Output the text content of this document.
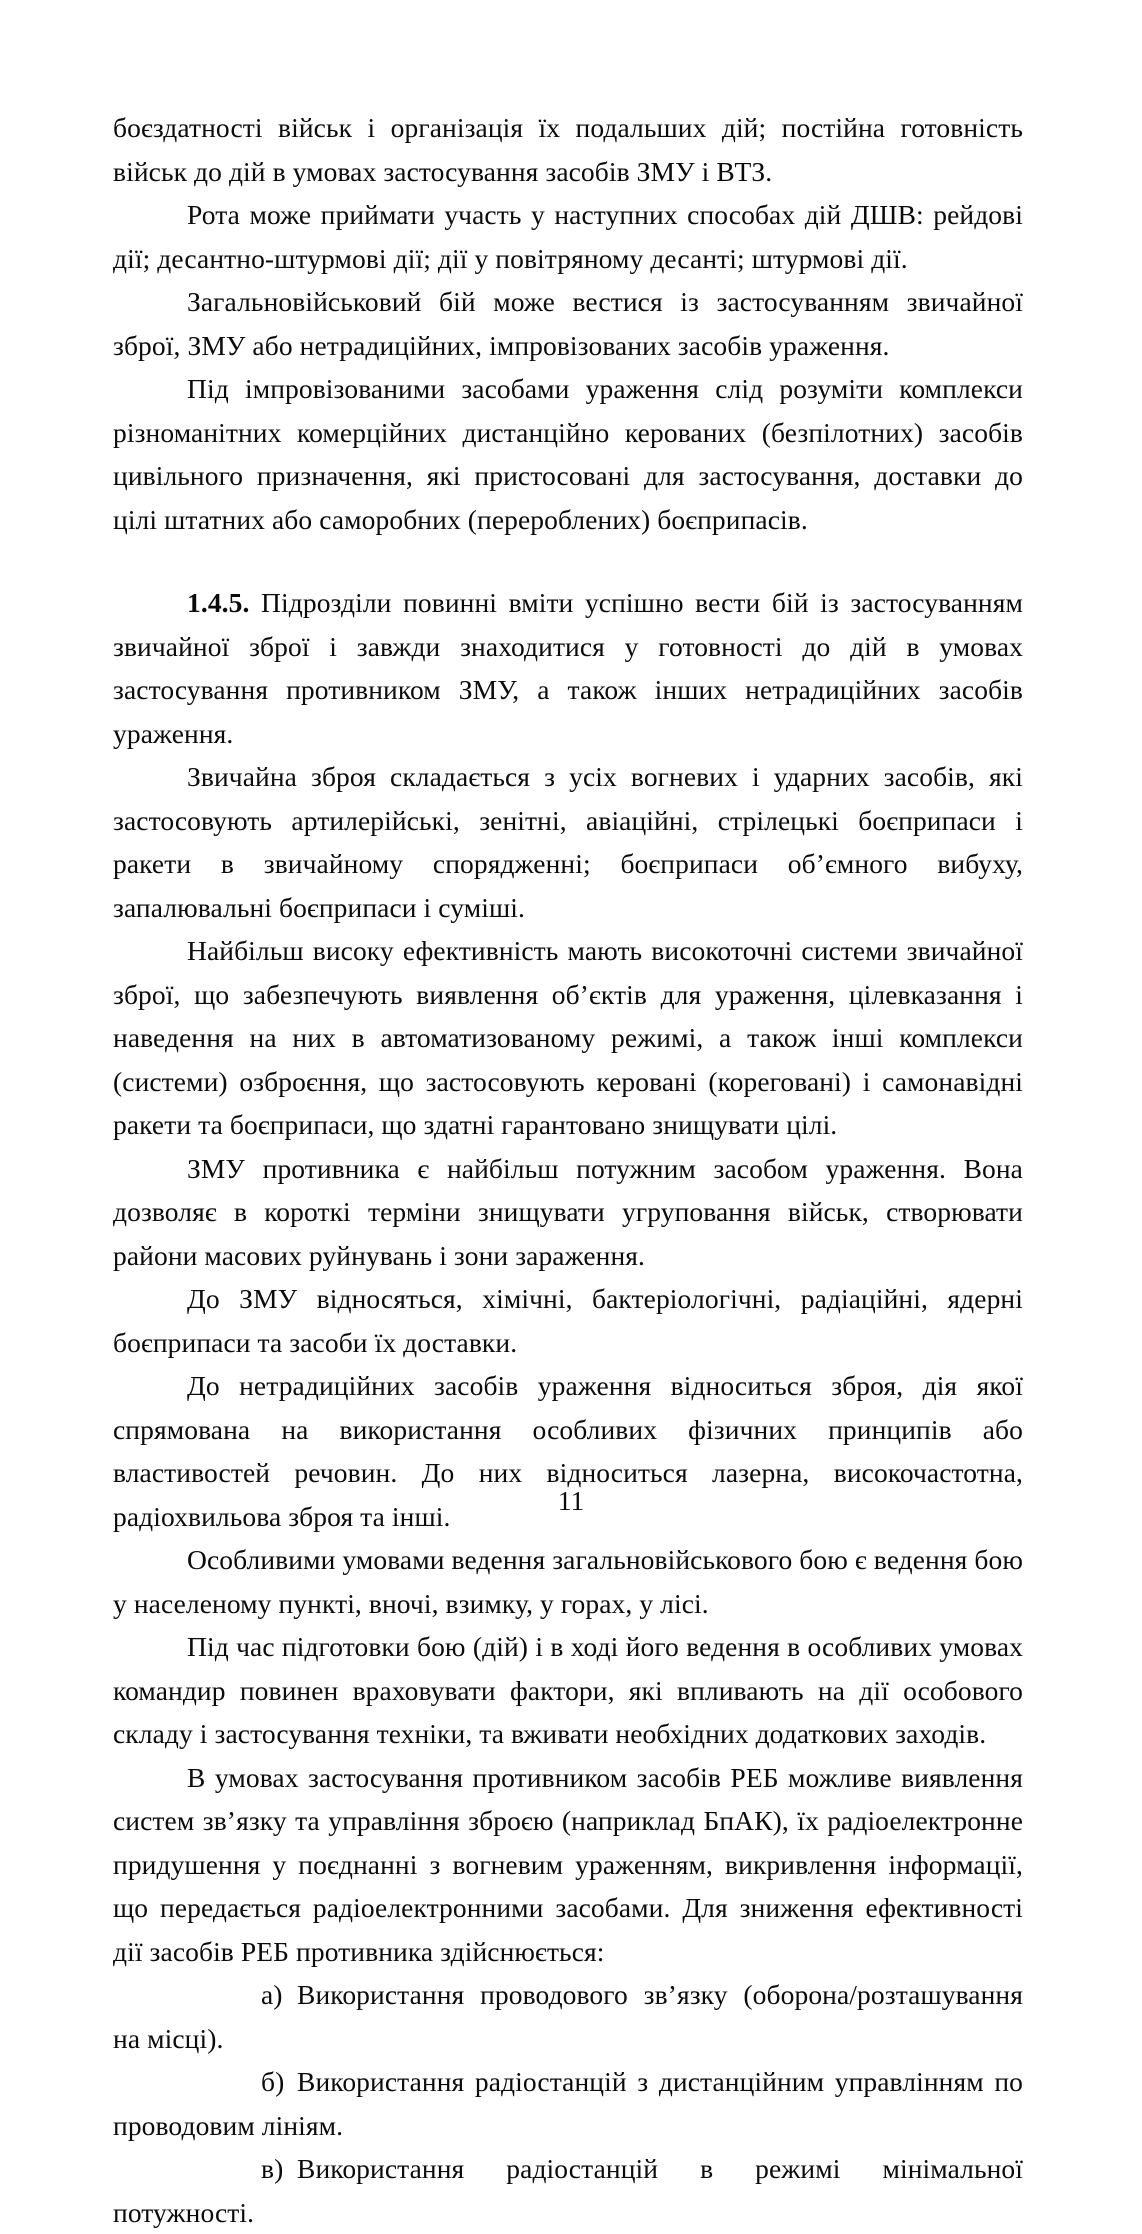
боєздатності військ і організація їх подальших дій; постійна готовність військ до дій в умовах застосування засобів ЗМУ і ВТЗ.

Рота може приймати участь у наступних способах дій ДШВ: рейдові дії; десантно-штурмові дії; дії у повітряному десанті; штурмові дії.

Загальновійськовий бій може вестися із застосуванням звичайної зброї, ЗМУ або нетрадиційних, імпровізованих засобів ураження.

Під імпровізованими засобами ураження слід розуміти комплекси різноманітних комерційних дистанційно керованих (безпілотних) засобів цивільного призначення, які пристосовані для застосування, доставки до цілі штатних або саморобних (перероблених) боєприпасів.

1.4.5. Підрозділи повинні вміти успішно вести бій із застосуванням звичайної зброї і завжди знаходитися у готовності до дій в умовах застосування противником ЗМУ, а також інших нетрадиційних засобів ураження.

Звичайна зброя складається з усіх вогневих і ударних засобів, які застосовують артилерійські, зенітні, авіаційні, стрілецькі боєприпаси і ракети в звичайному спорядженні; боєприпаси об’ємного вибуху, запалювальні боєприпаси і суміші.

Найбільш високу ефективність мають високоточні системи звичайної зброї, що забезпечують виявлення об’єктів для ураження, цілевказання і наведення на них в автоматизованому режимі, а також інші комплекси (системи) озброєння, що застосовують керовані (кореговані) і самонавідні ракети та боєприпаси, що здатні гарантовано знищувати цілі.

ЗМУ противника є найбільш потужним засобом ураження. Вона дозволяє в короткі терміни знищувати угруповання військ, створювати райони масових руйнувань і зони зараження.

До ЗМУ відносяться, хімічні, бактеріологічні, радіаційні, ядерні боєприпаси та засоби їх доставки.

До нетрадиційних засобів ураження відноситься зброя, дія якої спрямована на використання особливих фізичних принципів або властивостей речовин. До них відноситься лазерна, високочастотна, радіохвильова зброя та інші.

Особливими умовами ведення загальновійськового бою є ведення бою у населеному пункті, вночі, взимку, у горах, у лісі.

Під час підготовки бою (дій) і в ході його ведення в особливих умовах командир повинен враховувати фактори, які впливають на дії особового складу і застосування техніки, та вживати необхідних додаткових заходів.

В умовах застосування противником засобів РЕБ можливе виявлення систем зв’язку та управління зброєю (наприклад БпАК), їх радіоелектронне придушення у поєднанні з вогневим ураженням, викривлення інформації, що передається радіоелектронними засобами. Для зниження ефективності дії засобів РЕБ противника здійснюється:

а) Використання проводового зв’язку (оборона/розташування на місці).

б) Використання радіостанцій з дистанційним управлінням по проводовим лініям.

в) Використання радіостанцій в режимі мінімальної потужності.

11
